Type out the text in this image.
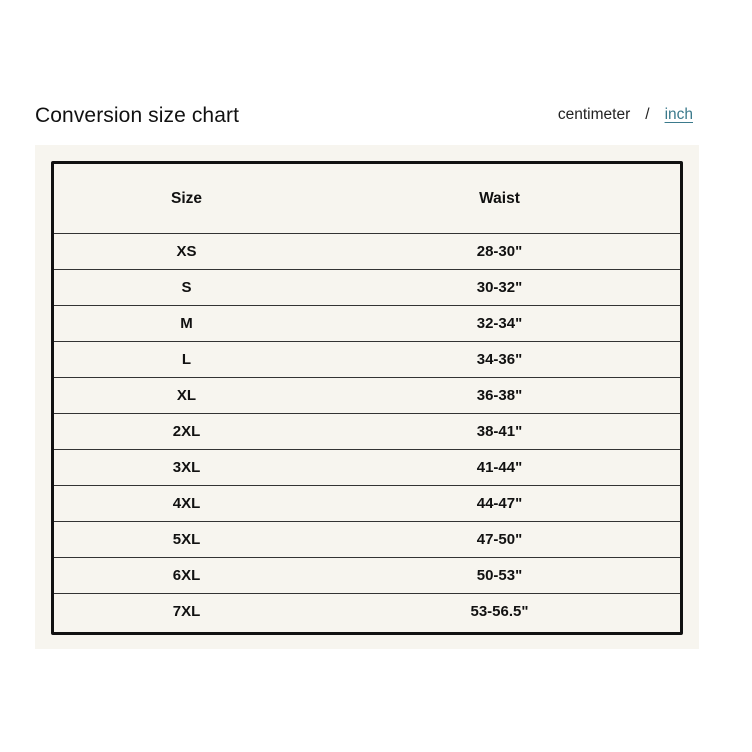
Conversion size chart	centimeter / inch
Size	Waist
XS	28-30"
S	30-32"
M	32-34"
L	34-36"
XL	36-38"
2XL	38-41"
3XL	41-44"
4XL	44-47"
5XL	47-50"
6XL	50-53"
7XL	53-56.5"
